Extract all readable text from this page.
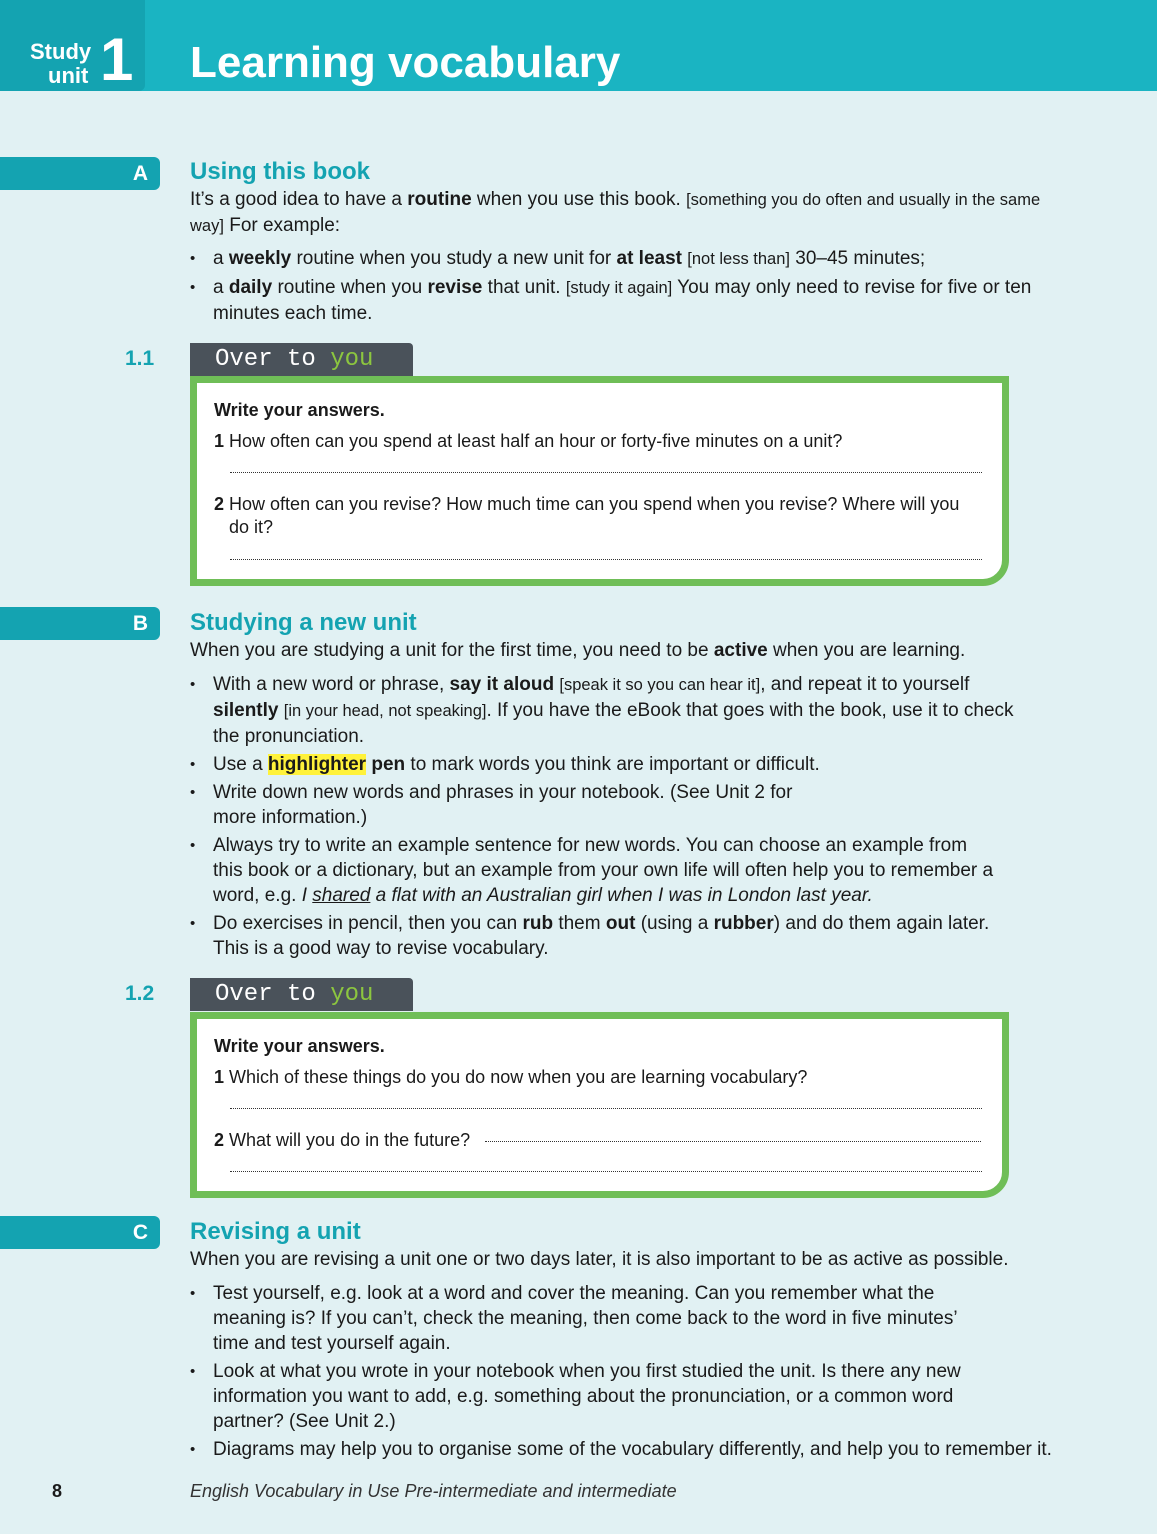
Study
unit 1 Learning vocabulary
A	Using this book
It’s a good idea to have a routine when you use this book. [something you do often and usually in the same way] For example:
• a weekly routine when you study a new unit for at least [not less than] 30–45 minutes;
• a daily routine when you revise that unit. [study it again] You may only need to revise for five or ten minutes each time.
1.1	Over to you
Write your answers.
1 How often can you spend at least half an hour or forty-five minutes on a unit?
2 How often can you revise? How much time can you spend when you revise? Where will you do it?
B	Studying a new unit
When you are studying a unit for the first time, you need to be active when you are learning.
• With a new word or phrase, say it aloud [speak it so you can hear it], and repeat it to yourself silently [in your head, not speaking]. If you have the eBook that goes with the book, use it to check the pronunciation.
• Use a highlighter pen to mark words you think are important or difficult.
• Write down new words and phrases in your notebook. (See Unit 2 for more information.)
• Always try to write an example sentence for new words. You can choose an example from this book or a dictionary, but an example from your own life will often help you to remember a word, e.g. I shared a flat with an Australian girl when I was in London last year.
• Do exercises in pencil, then you can rub them out (using a rubber) and do them again later. This is a good way to revise vocabulary.
1.2	Over to you
Write your answers.
1 Which of these things do you do now when you are learning vocabulary?
2 What will you do in the future?
C	Revising a unit
When you are revising a unit one or two days later, it is also important to be as active as possible.
• Test yourself, e.g. look at a word and cover the meaning. Can you remember what the meaning is? If you can’t, check the meaning, then come back to the word in five minutes’ time and test yourself again.
• Look at what you wrote in your notebook when you first studied the unit. Is there any new information you want to add, e.g. something about the pronunciation, or a common word partner? (See Unit 2.)
• Diagrams may help you to organise some of the vocabulary differently, and help you to remember it.
8	English Vocabulary in Use Pre-intermediate and intermediate
